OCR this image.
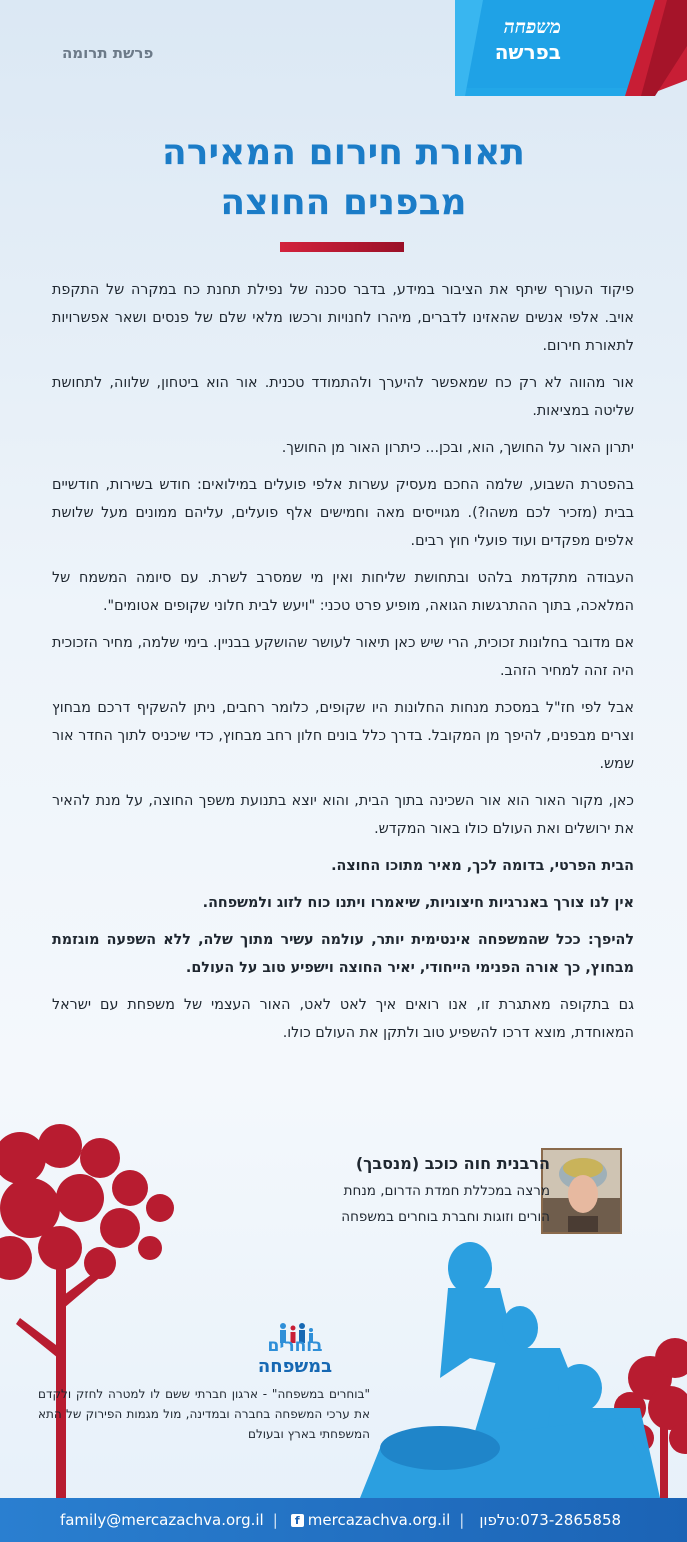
פרשת תרומה
משפחה
בפרשה
תאורת חירום המאירה
מבפנים החוצה

פיקוד העורף שיתף את הציבור במידע, בדבר סכנה של נפילת תחנת כח במקרה של התקפת אויב. אלפי אנשים שהאזינו לדברים, מיהרו לחנויות ורכשו מלאי שלם של פנסים ושאר אפשרויות לתאורת חירום.

אור מהווה לא רק כח שמאפשר להיערך ולהתמודד טכנית. אור הוא ביטחון, שלווה, לתחושת שליטה במציאות.

יתרון האור על החושך, הוא, ובכן... כיתרון האור מן החושך.

בהפטרת השבוע, שלמה החכם מעסיק עשרות אלפי פועלים במילואים: חודש בשירות, חודשיים בבית (מזכיר לכם משהו?). מגוייסים מאה וחמישים אלף פועלים, עליהם ממונים מעל שלושת אלפים מפקדים ועוד פועלי חוץ רבים.

העבודה מתקדמת בלהט ובתחושת שליחות ואין מי שמסרב לשרת. עם סיומה המשמח של המלאכה, בתוך ההתרגשות הגואה, מופיע פרט טכני: "ויעש לבית חלוני שקופים אטומים".

אם מדובר בחלונות זכוכית, הרי שיש כאן תיאור לעושר שהושקע בבניין. בימי שלמה, מחיר הזכוכית היה זהה למחיר הזהב.

אבל לפי חז"ל במסכת מנחות החלונות היו שקופים, כלומר רחבים, ניתן להשקיף דרכם מבחוץ וצרים מבפנים, להיפך מן המקובל. בדרך כלל בונים חלון רחב מבחוץ, כדי שיכניס לתוך החדר אור שמש.

כאן, מקור האור הוא אור השכינה בתוך הבית, והוא יוצא בתנועת משפך החוצה, על מנת להאיר את ירושלים ואת העולם כולו באור המקדש.

הבית הפרטי, בדומה לכך, מאיר מתוכו החוצה.

אין לנו צורך באנרגיות חיצוניות, שיאמרו ויתנו כוח לזוג ולמשפחה.

להיפך: ככל שהמשפחה אינטימית יותר, עולמה עשיר מתוך שלה, ללא השפעה מוגזמת מבחוץ, כך אורה הפנימי הייחודי, יאיר החוצה וישפיע טוב על העולם.

גם בתקופה מאתגרת זו, אנו רואים איך לאט לאט, האור העצמי של משפחת עם ישראל המאוחדת, מוצא דרכו להשפיע טוב ולתקן את העולם כולו.

הרבנית חוה כוכב (מנסבך)
מרצה במכללת חמדת הדרום, מנחת
הורים וזוגות וחברת בוחרים במשפחה
בוחרים
במשפחה
"בוחרים במשפחה" - ארגון חברתי ששם לו למטרה לחזק ולקדם את ערכי המשפחה בחברה ובמדינה, מול מגמות הפירוק של התא המשפחתי בארץ ובעולם
family@mercazachva.org.il |	f mercazachva.org.il | טלפון: 073-2865858
